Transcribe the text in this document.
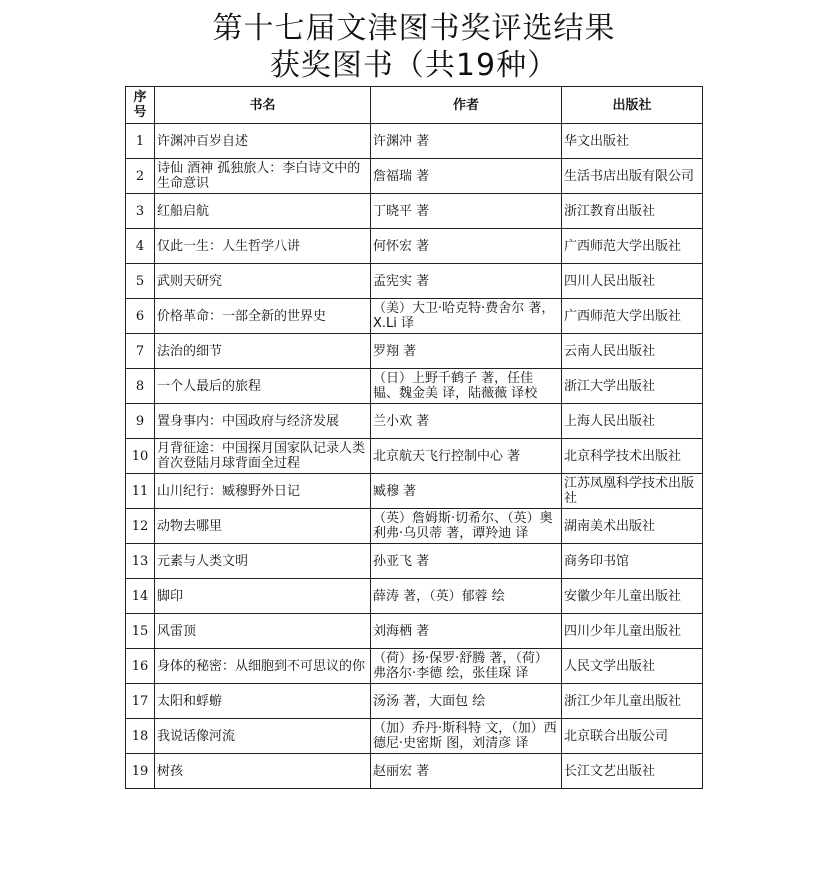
第十七届文津图书奖评选结果
获奖图书（共19种）
序号	书名	作者	出版社
1	许渊冲百岁自述	许渊冲 著	华文出版社
2	诗仙 酒神 孤独旅人：李白诗文中的生命意识	詹福瑞 著	生活书店出版有限公司
3	红船启航	丁晓平 著	浙江教育出版社
4	仅此一生：人生哲学八讲	何怀宏 著	广西师范大学出版社
5	武则天研究	孟宪实 著	四川人民出版社
6	价格革命：一部全新的世界史	（美）大卫·哈克特·费舍尔 著，X.Li 译	广西师范大学出版社
7	法治的细节	罗翔 著	云南人民出版社
8	一个人最后的旅程	（日）上野千鹤子 著，任佳韫、魏金美 译，陆薇薇 译校	浙江大学出版社
9	置身事内：中国政府与经济发展	兰小欢 著	上海人民出版社
10	月背征途：中国探月国家队记录人类首次登陆月球背面全过程	北京航天飞行控制中心 著	北京科学技术出版社
11	山川纪行：臧穆野外日记	臧穆 著	江苏凤凰科学技术出版社
12	动物去哪里	（英）詹姆斯·切希尔、（英）奥利弗·乌贝蒂 著，谭羚迪 译	湖南美术出版社
13	元素与人类文明	孙亚飞 著	商务印书馆
14	脚印	薛涛 著，（英）郁蓉 绘	安徽少年儿童出版社
15	风雷顶	刘海栖 著	四川少年儿童出版社
16	身体的秘密：从细胞到不可思议的你	（荷）扬·保罗·舒腾 著，（荷）弗洛尔·李德 绘，张佳琛 译	人民文学出版社
17	太阳和蜉蝣	汤汤 著，大面包 绘	浙江少年儿童出版社
18	我说话像河流	（加）乔丹·斯科特 文，（加）西德尼·史密斯 图，刘清彦 译	北京联合出版公司
19	树孩	赵丽宏 著	长江文艺出版社
